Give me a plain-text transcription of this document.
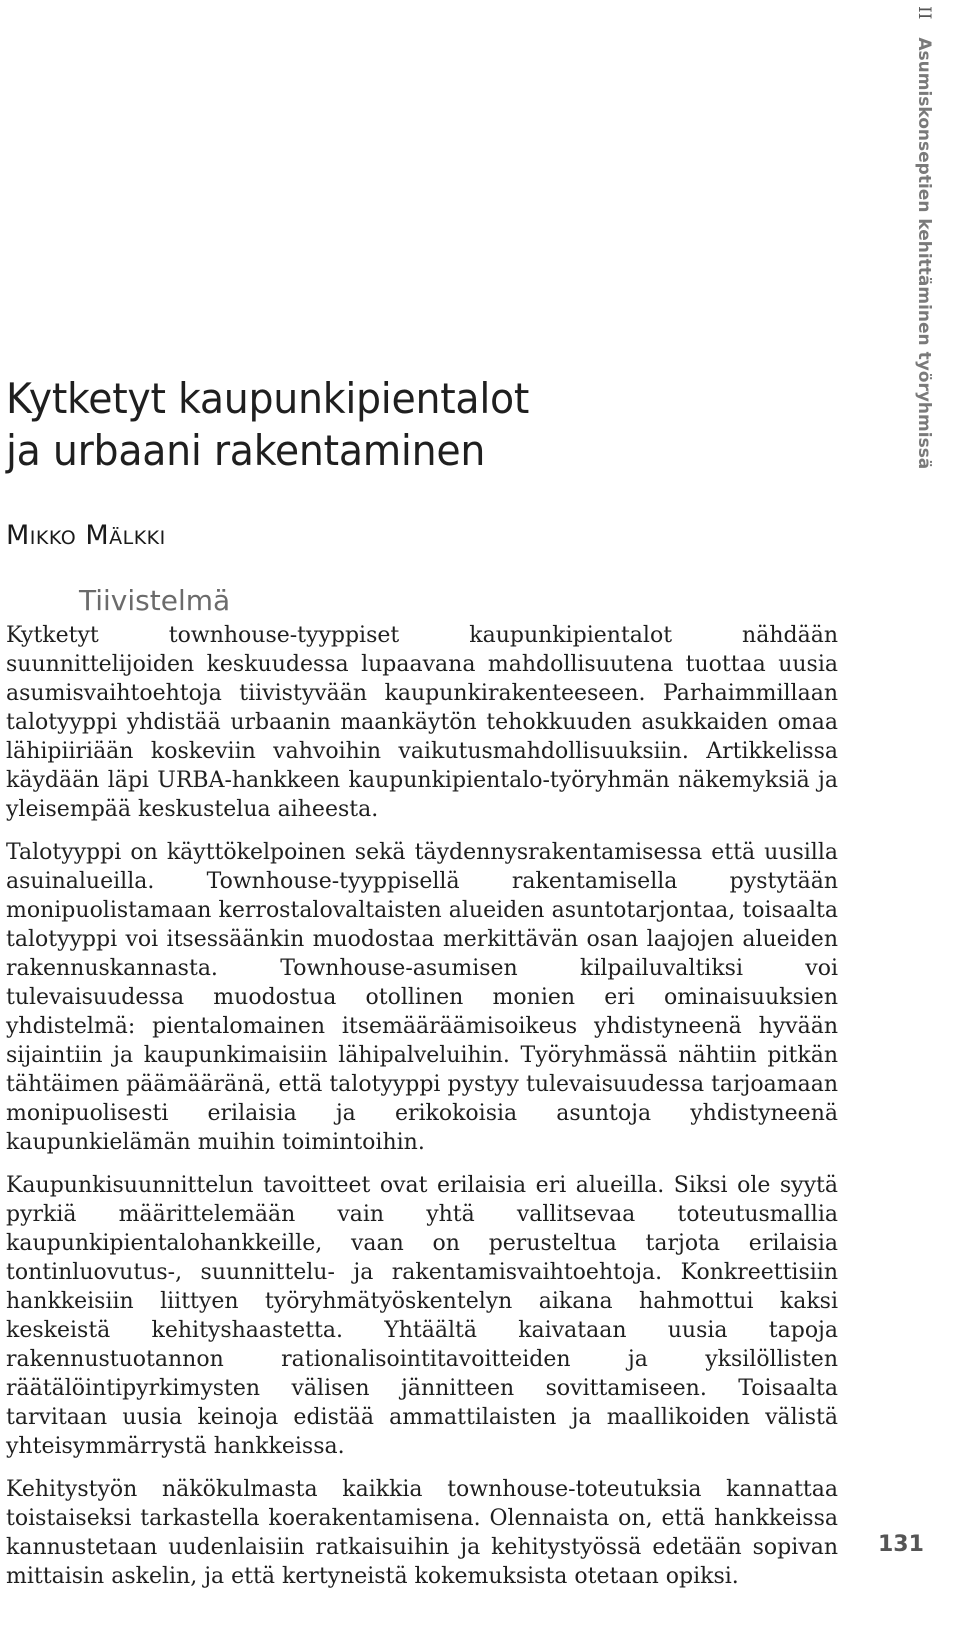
II Asumiskonseptien kehittäminen työryhmissä
Kytketyt kaupunkipientalot
ja urbaani rakentaminen
Mikko Mälkki
Tiivistelmä

Kytketyt townhouse-tyyppiset kaupunkipientalot nähdään suunnittelijoiden keskuudessa lupaavana mahdollisuutena tuottaa uusia asumisvaihtoehtoja tiivistyvään kaupunkirakenteeseen. Parhaimmillaan talotyyppi yhdistää urbaanin maankäytön tehokkuuden asukkaiden omaa lähipiiriään koskeviin vahvoihin vaikutusmahdollisuuksiin. Artikkelissa käydään läpi URBA-hankkeen kaupunkipientalo-työryhmän näkemyksiä ja yleisempää keskustelua aiheesta.

Talotyyppi on käyttökelpoinen sekä täydennysrakentamisessa että uusilla asuinalueilla. Townhouse-tyyppisellä rakentamisella pystytään monipuolistamaan kerrostalovaltaisten alueiden asuntotarjontaa, toisaalta talotyyppi voi itsessäänkin muodostaa merkittävän osan laajojen alueiden rakennuskannasta. Townhouse-asumisen kilpailuvaltiksi voi tulevaisuudessa muodostua otollinen monien eri ominaisuuksien yhdistelmä: pientalomainen itsemääräämisoikeus yhdistyneenä hyvään sijaintiin ja kaupunkimaisiin lähipalveluihin. Työryhmässä nähtiin pitkän tähtäimen päämääränä, että talotyyppi pystyy tulevaisuudessa tarjoamaan monipuolisesti erilaisia ja erikokoisia asuntoja yhdistyneenä kaupunkielämän muihin toimintoihin.

Kaupunkisuunnittelun tavoitteet ovat erilaisia eri alueilla. Siksi ole syytä pyrkiä määrittelemään vain yhtä vallitsevaa toteutusmallia kaupunkipientalohankkeille, vaan on perusteltua tarjota erilaisia tontinluovutus-, suunnittelu- ja rakentamisvaihtoehtoja. Konkreettisiin hankkeisiin liittyen työryhmätyöskentelyn aikana hahmottui kaksi keskeistä kehityshaastetta. Yhtäältä kaivataan uusia tapoja rakennustuotannon rationalisointitavoitteiden ja yksilöllisten räätälöintipyrkimysten välisen jännitteen sovittamiseen. Toisaalta tarvitaan uusia keinoja edistää ammattilaisten ja maallikoiden välistä yhteisymmärrystä hankkeissa.

Kehitystyön näkökulmasta kaikkia townhouse-toteutuksia kannattaa toistaiseksi tarkastella koerakentamisena. Olennaista on, että hankkeissa kannustetaan uudenlaisiin ratkaisuihin ja kehitystyössä edetään sopivan mittaisin askelin, ja että kertyneistä kokemuksista otetaan opiksi.

131
